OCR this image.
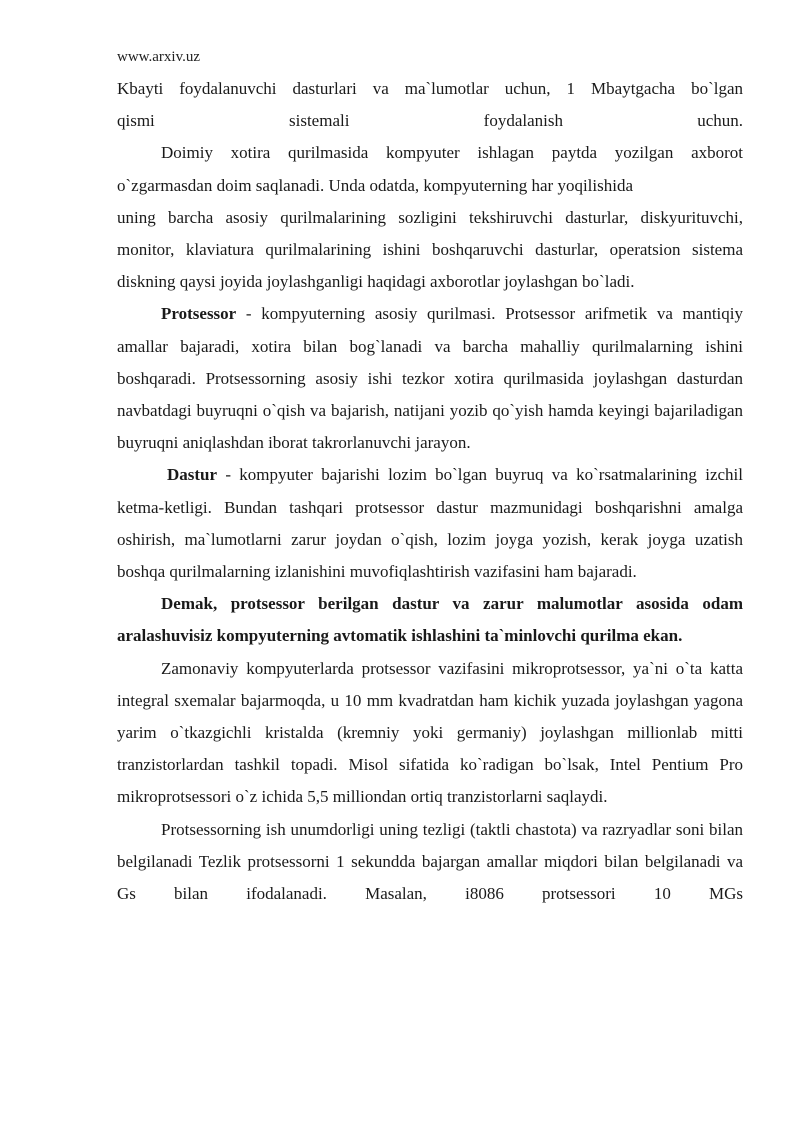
www.arxiv.uz

Kbayti foydalanuvchi dasturlari va ma`lumotlar uchun, 1 Mbaytgacha bo`lgan

qismi sistemali foydalanish uchun.

Doimiy xotira qurilmasida kompyuter ishlagan paytda yozilgan axborot o`zgarmasdan doim saqlanadi. Unda odatda, kompyuterning har yoqilishida

uning barcha asosiy qurilmalarining sozligini tekshiruvchi dasturlar, diskyurituvchi, monitor, klaviatura qurilmalarining ishini boshqaruvchi dasturlar, operatsion sistema diskning qaysi joyida joylashganligi haqidagi axborotlar joylashgan bo`ladi.

Protsessor - kompyuterning asosiy qurilmasi. Protsessor arifmetik va mantiqiy amallar bajaradi, xotira bilan bog`lanadi va barcha mahalliy qurilmalarning ishini boshqaradi. Protsessorning asosiy ishi tezkor xotira qurilmasida joylashgan dasturdan navbatdagi buyruqni o`qish va bajarish, natijani yozib qo`yish hamda keyingi bajariladigan buyruqni aniqlashdan iborat takrorlanuvchi jarayon.

Dastur - kompyuter bajarishi lozim bo`lgan buyruq va ko`rsatmalarining izchil ketma-ketligi. Bundan tashqari protsessor dastur mazmunidagi boshqarishni amalga oshirish, ma`lumotlarni zarur joydan o`qish, lozim joyga yozish, kerak joyga uzatish boshqa qurilmalarning izlanishini muvofiqlashtirish vazifasini ham bajaradi.

Demak, protsessor berilgan dastur va zarur malumotlar asosida odam aralashuvisiz kompyuterning avtomatik ishlashini ta`minlovchi qurilma ekan.

Zamonaviy kompyuterlarda protsessor vazifasini mikroprotsessor, ya`ni o`ta katta integral sxemalar bajarmoqda, u 10 mm kvadratdan ham kichik yuzada joylashgan yagona yarim o`tkazgichli kristalda (kremniy yoki germaniy) joylashgan millionlab mitti tranzistorlardan tashkil topadi. Misol sifatida ko`radigan bo`lsak, Intel Pentium Pro mikroprotsessori o`z ichida 5,5 milliondan ortiq tranzistorlarni saqlaydi.

Protsessorning ish unumdorligi uning tezligi (taktli chastota) va razryadlar soni bilan belgilanadi Tezlik protsessorni 1 sekundda bajargan amallar miqdori bilan belgilanadi va Gs bilan ifodalanadi. Masalan, i8086 protsessori 10 MGs
